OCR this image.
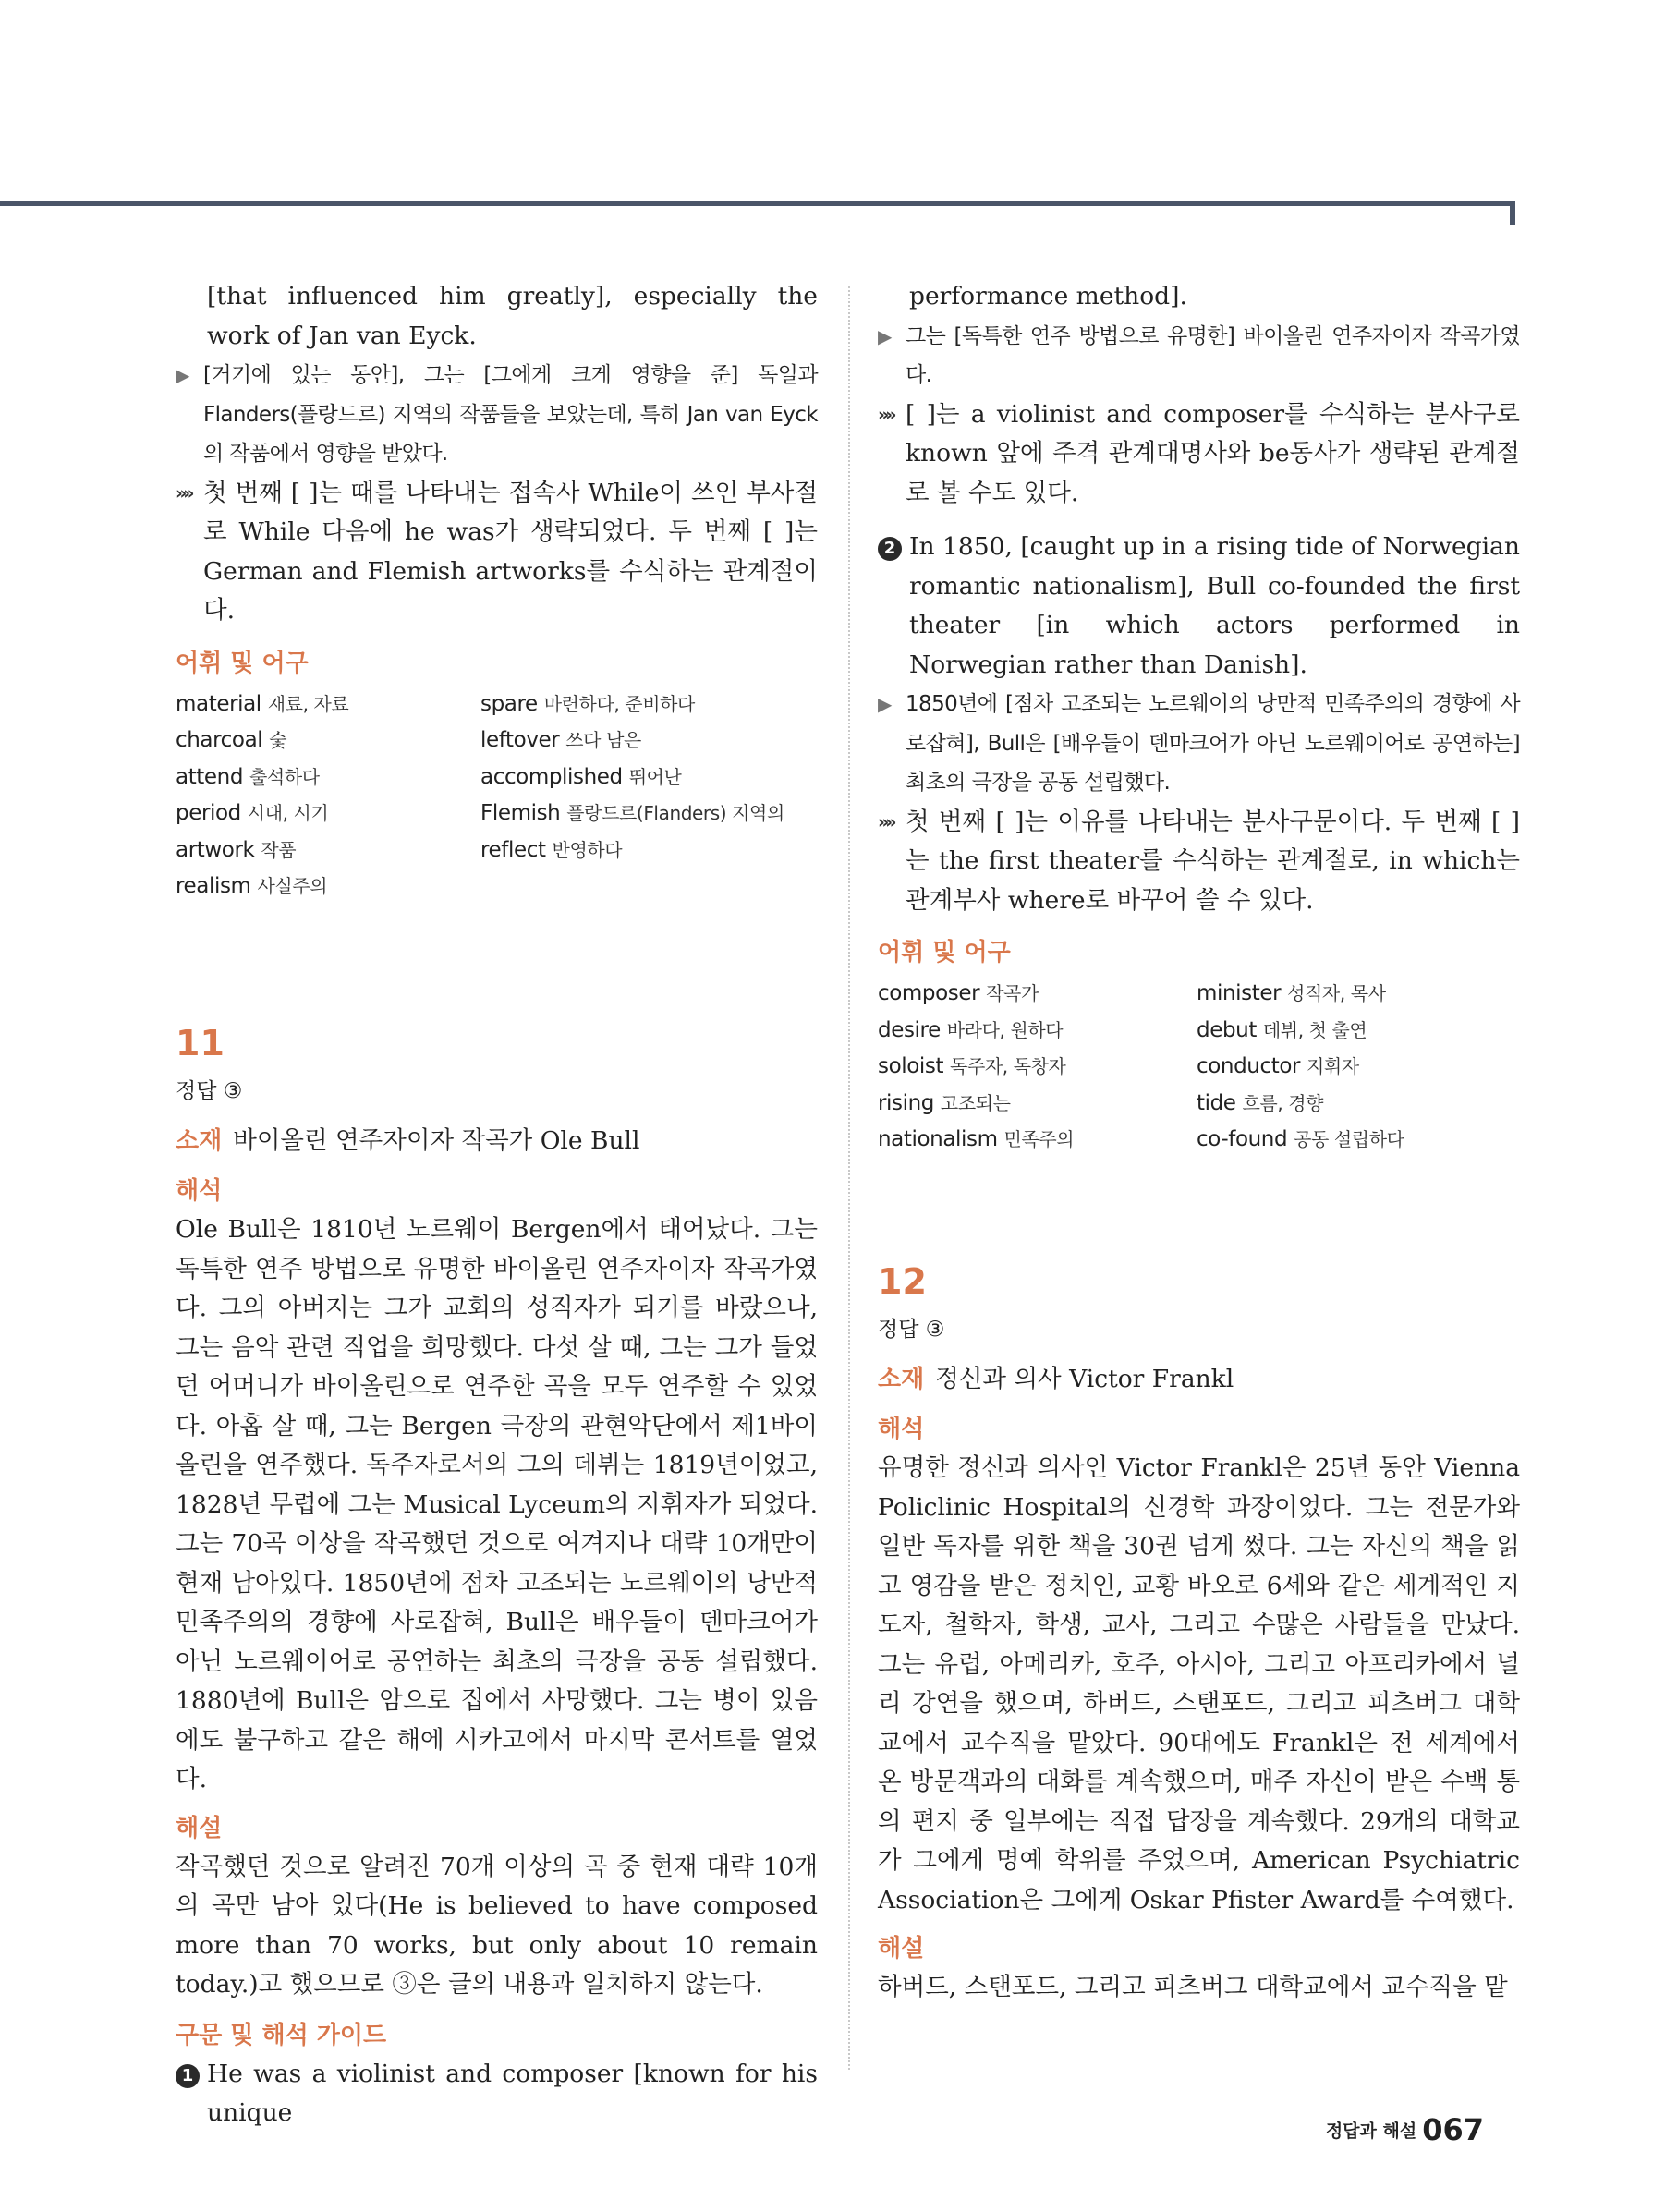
[that influenced him greatly], especially the work of Jan van Eyck.

▶ [거기에 있는 동안], 그는 [그에게 크게 영향을 준] 독일과 Flanders(플랑드르) 지역의 작품들을 보았는데, 특히 Jan van Eyck의 작품에서 영향을 받았다.

»» 첫 번째 [ ]는 때를 나타내는 접속사 While이 쓰인 부사절로 While 다음에 he was가 생략되었다. 두 번째 [ ]는 German and Flemish artworks를 수식하는 관계절이다.

어휘 및 어구

material 재료, 자료	spare 마련하다, 준비하다
charcoal 숯	leftover 쓰다 남은
attend 출석하다	accomplished 뛰어난
period 시대, 시기	Flemish 플랑드르(Flanders) 지역의
artwork 작품	reflect 반영하다
realism 사실주의

11

정답 ③

소재 바이올린 연주자이자 작곡가 Ole Bull

해석

Ole Bull은 1810년 노르웨이 Bergen에서 태어났다. 그는 독특한 연주 방법으로 유명한 바이올린 연주자이자 작곡가였다. 그의 아버지는 그가 교회의 성직자가 되기를 바랐으나, 그는 음악 관련 직업을 희망했다. 다섯 살 때, 그는 그가 들었던 어머니가 바이올린으로 연주한 곡을 모두 연주할 수 있었다. 아홉 살 때, 그는 Bergen 극장의 관현악단에서 제1바이올린을 연주했다. 독주자로서의 그의 데뷔는 1819년이었고, 1828년 무렵에 그는 Musical Lyceum의 지휘자가 되었다. 그는 70곡 이상을 작곡했던 것으로 여겨지나 대략 10개만이 현재 남아있다. 1850년에 점차 고조되는 노르웨이의 낭만적 민족주의의 경향에 사로잡혀, Bull은 배우들이 덴마크어가 아닌 노르웨이어로 공연하는 최초의 극장을 공동 설립했다. 1880년에 Bull은 암으로 집에서 사망했다. 그는 병이 있음에도 불구하고 같은 해에 시카고에서 마지막 콘서트를 열었다.

해설

작곡했던 것으로 알려진 70개 이상의 곡 중 현재 대략 10개의 곡만 남아 있다(He is believed to have composed more than 70 works, but only about 10 remain today.)고 했으므로 ③은 글의 내용과 일치하지 않는다.

구문 및 해석 가이드

1 He was a violinist and composer [known for his unique

performance method].

▶ 그는 [독특한 연주 방법으로 유명한] 바이올린 연주자이자 작곡가였다.

»» [ ]는 a violinist and composer를 수식하는 분사구로 known 앞에 주격 관계대명사와 be동사가 생략된 관계절로 볼 수도 있다.

2 In 1850, [caught up in a rising tide of Norwegian romantic nationalism], Bull co-founded the first theater [in which actors performed in Norwegian rather than Danish].

▶ 1850년에 [점차 고조되는 노르웨이의 낭만적 민족주의의 경향에 사로잡혀], Bull은 [배우들이 덴마크어가 아닌 노르웨이어로 공연하는] 최초의 극장을 공동 설립했다.

»» 첫 번째 [ ]는 이유를 나타내는 분사구문이다. 두 번째 [ ]는 the first theater를 수식하는 관계절로, in which는 관계부사 where로 바꾸어 쓸 수 있다.

어휘 및 어구

composer 작곡가	minister 성직자, 목사
desire 바라다, 원하다	debut 데뷔, 첫 출연
soloist 독주자, 독창자	conductor 지휘자
rising 고조되는	tide 흐름, 경향
nationalism 민족주의	co-found 공동 설립하다

12

정답 ③

소재 정신과 의사 Victor Frankl

해석

유명한 정신과 의사인 Victor Frankl은 25년 동안 Vienna Policlinic Hospital의 신경학 과장이었다. 그는 전문가와 일반 독자를 위한 책을 30권 넘게 썼다. 그는 자신의 책을 읽고 영감을 받은 정치인, 교황 바오로 6세와 같은 세계적인 지도자, 철학자, 학생, 교사, 그리고 수많은 사람들을 만났다. 그는 유럽, 아메리카, 호주, 아시아, 그리고 아프리카에서 널리 강연을 했으며, 하버드, 스탠포드, 그리고 피츠버그 대학교에서 교수직을 맡았다. 90대에도 Frankl은 전 세계에서 온 방문객과의 대화를 계속했으며, 매주 자신이 받은 수백 통의 편지 중 일부에는 직접 답장을 계속했다. 29개의 대학교가 그에게 명예 학위를 주었으며, American Psychiatric Association은 그에게 Oskar Pfister Award를 수여했다.

해설

하버드, 스탠포드, 그리고 피츠버그 대학교에서 교수직을 맡

정답과 해설 067
